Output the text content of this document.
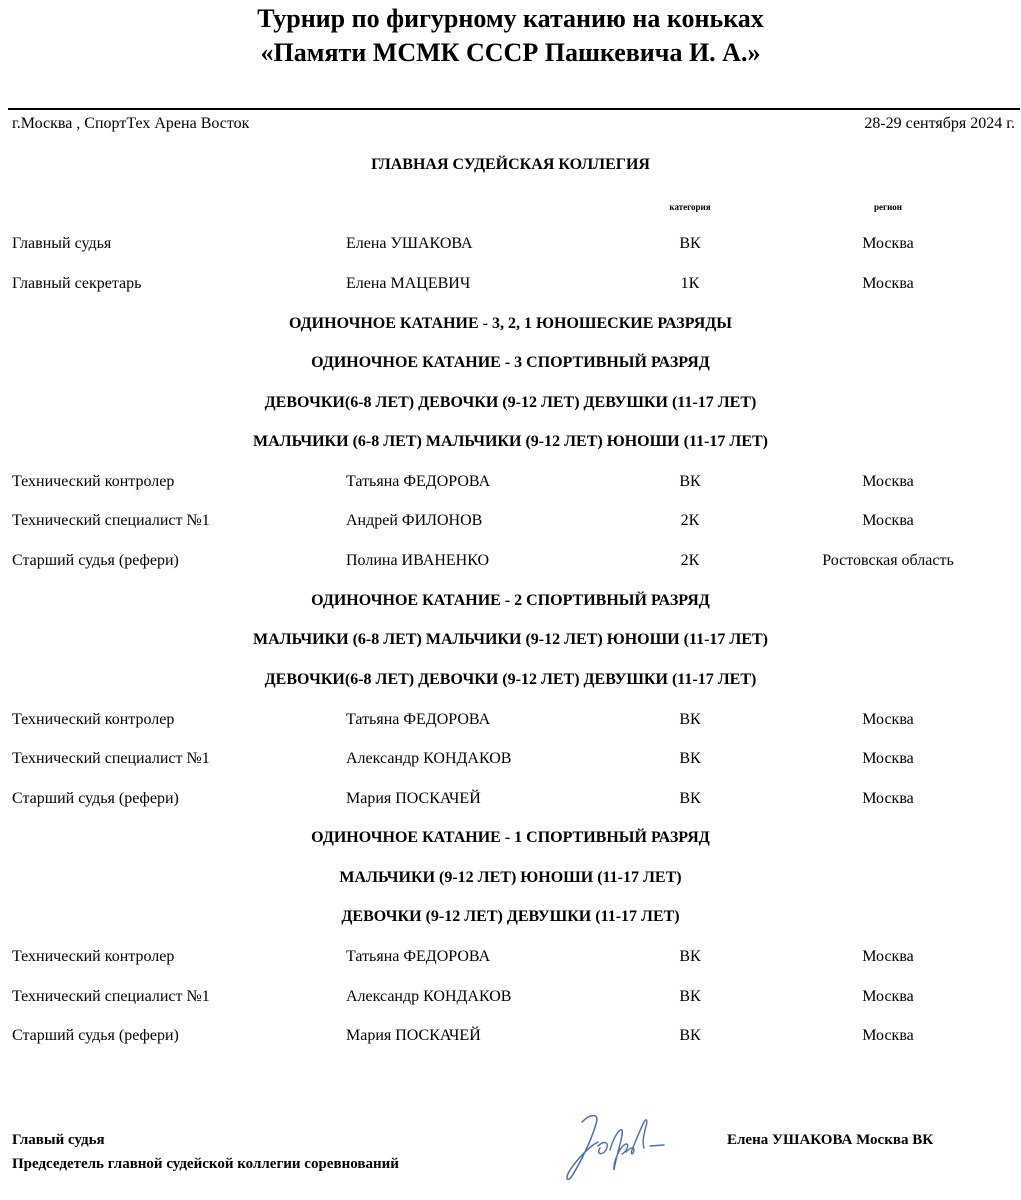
Турнир по фигурному катанию на коньках
«Памяти МСМК СССР Пашкевича И. А.»
г.Москва , СпортТех Арена Восток	28-29 сентября 2024 г.
ГЛАВНАЯ СУДЕЙСКАЯ КОЛЛЕГИЯ
категория	регион
Главный судья	Елена УШАКОВА	ВК	Москва
Главный секретарь	Елена МАЦЕВИЧ	1К	Москва
ОДИНОЧНОЕ КАТАНИЕ - 3, 2, 1 ЮНОШЕСКИЕ РАЗРЯДЫ
ОДИНОЧНОЕ КАТАНИЕ - 3 СПОРТИВНЫЙ РАЗРЯД
ДЕВОЧКИ(6-8 ЛЕТ) ДЕВОЧКИ (9-12 ЛЕТ) ДЕВУШКИ (11-17 ЛЕТ)
МАЛЬЧИКИ (6-8 ЛЕТ) МАЛЬЧИКИ (9-12 ЛЕТ) ЮНОШИ (11-17 ЛЕТ)
Технический контролер	Татьяна ФЕДОРОВА	ВК	Москва
Технический специалист №1	Андрей ФИЛОНОВ	2К	Москва
Старший судья (рефери)	Полина ИВАНЕНКО	2К	Ростовская область
ОДИНОЧНОЕ КАТАНИЕ - 2 СПОРТИВНЫЙ РАЗРЯД
МАЛЬЧИКИ (6-8 ЛЕТ) МАЛЬЧИКИ (9-12 ЛЕТ) ЮНОШИ (11-17 ЛЕТ)
ДЕВОЧКИ(6-8 ЛЕТ) ДЕВОЧКИ (9-12 ЛЕТ) ДЕВУШКИ (11-17 ЛЕТ)
Технический контролер	Татьяна ФЕДОРОВА	ВК	Москва
Технический специалист №1	Александр КОНДАКОВ	ВК	Москва
Старший судья (рефери)	Мария ПОСКАЧЕЙ	ВК	Москва
ОДИНОЧНОЕ КАТАНИЕ - 1 СПОРТИВНЫЙ РАЗРЯД
МАЛЬЧИКИ (9-12 ЛЕТ) ЮНОШИ (11-17 ЛЕТ)
ДЕВОЧКИ (9-12 ЛЕТ) ДЕВУШКИ (11-17 ЛЕТ)
Технический контролер	Татьяна ФЕДОРОВА	ВК	Москва
Технический специалист №1	Александр КОНДАКОВ	ВК	Москва
Старший судья (рефери)	Мария ПОСКАЧЕЙ	ВК	Москва
Главый судья
Председетель главной судейской коллегии соревнований
Елена УШАКОВА Москва ВК
